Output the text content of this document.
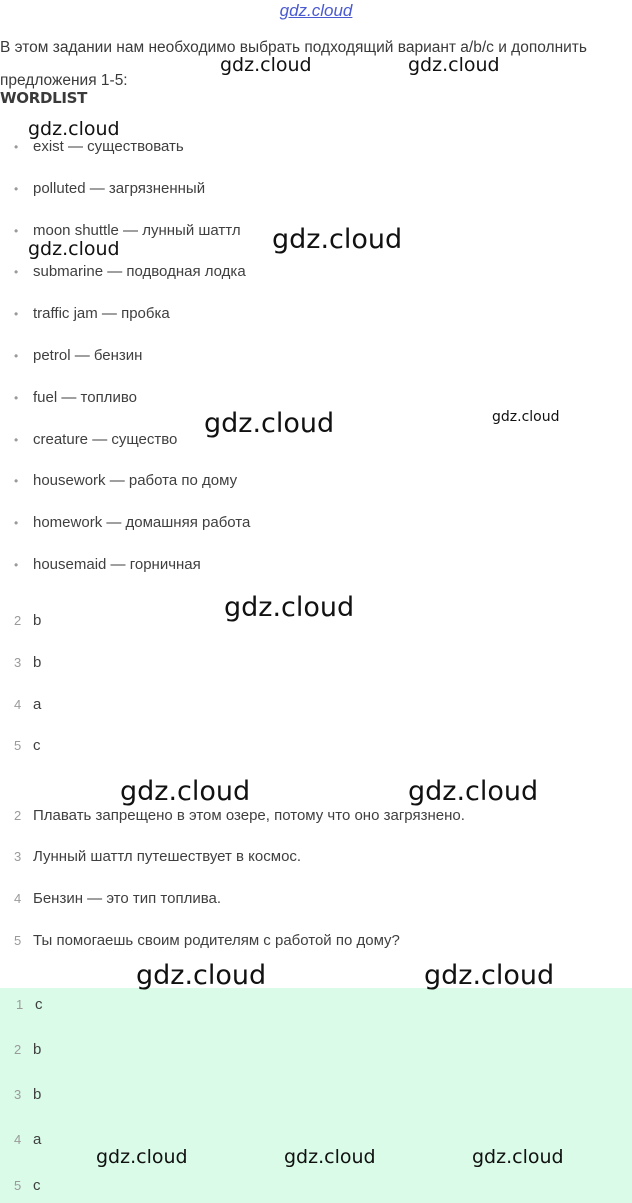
gdz.cloud
В этом задании нам необходимо выбрать подходящий вариант a/b/c и дополнить предложения 1-5:
WORDLIST
• exist — существовать
• polluted — загрязненный
• moon shuttle — лунный шаттл
• submarine — подводная лодка
• traffic jam — пробка
• petrol — бензин
• fuel — топливо
• creature — существо
• housework — работа по дому
• homework — домашняя работа
• housemaid — горничная
2 b
3 b
4 a
5 c
2 Плавать запрещено в этом озере, потому что оно загрязнено.
3 Лунный шаттл путешествует в космос.
4 Бензин — это тип топлива.
5 Ты помогаешь своим родителям с работой по дому?
1 c
2 b
3 b
4 a
5 c
gdz.cloud	gdz.cloud
gdz.cloud
gdz.cloud
gdz.cloud
gdz.cloud	gdz.cloud
gdz.cloud
gdz.cloud	gdz.cloud
gdz.cloud	gdz.cloud
gdz.cloud	gdz.cloud	gdz.cloud
